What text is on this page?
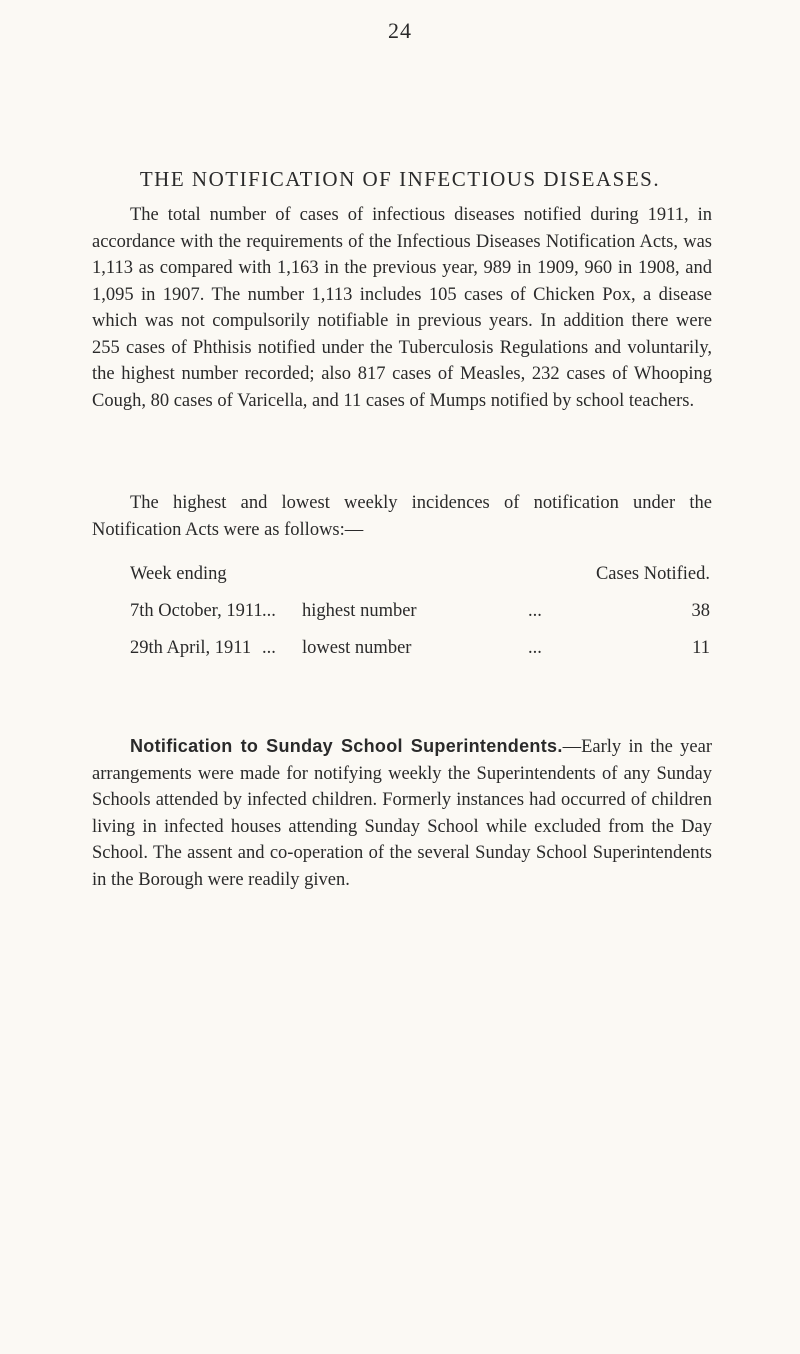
24
THE NOTIFICATION OF INFECTIOUS DISEASES.

The total number of cases of infectious diseases notified during 1911, in accordance with the requirements of the Infectious Diseases Notification Acts, was 1,113 as compared with 1,163 in the previous year, 989 in 1909, 960 in 1908, and 1,095 in 1907. The number 1,113 includes 105 cases of Chicken Pox, a disease which was not compulsorily notifiable in previous years. In addition there were 255 cases of Phthisis notified under the Tuberculosis Regulations and voluntarily, the highest number recorded; also 817 cases of Measles, 232 cases of Whooping Cough, 80 cases of Varicella, and 11 cases of Mumps notified by school teachers.

The highest and lowest weekly incidences of notification under the Notification Acts were as follows:—

Week ending	Cases Notified.
7th October, 1911 ... highest number	...	38
29th April, 1911 ... lowest number	...	11

Notification to Sunday School Superintendents.—Early in the year arrangements were made for notifying weekly the Superintendents of any Sunday Schools attended by infected children. Formerly instances had occurred of children living in infected houses attending Sunday School while excluded from the Day School. The assent and co-operation of the several Sunday School Superintendents in the Borough were readily given.
